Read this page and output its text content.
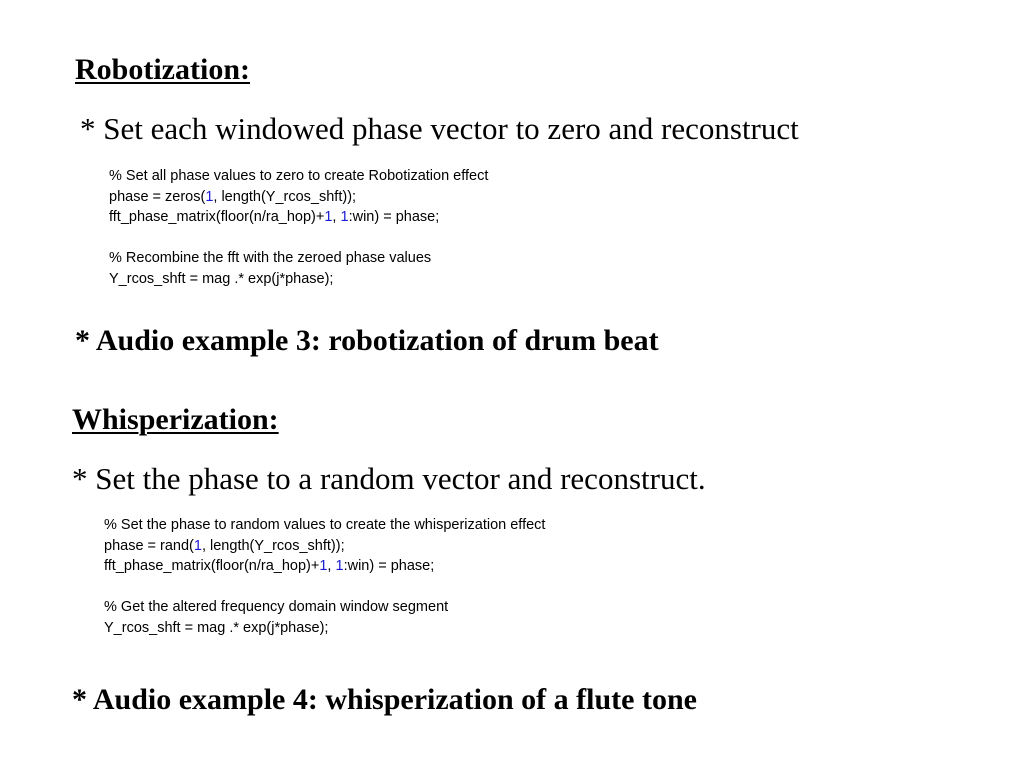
Robotization:

* Set each windowed phase vector to zero and reconstruct

% Set all phase values to zero to create Robotization effect
phase = zeros(1, length(Y_rcos_shft));
fft_phase_matrix(floor(n/ra_hop)+1, 1:win) = phase;
% Recombine the fft with the zeroed phase values
Y_rcos_shft = mag .* exp(j*phase);

* Audio example 3: robotization of drum beat

Whisperization:

* Set the phase to a random vector and reconstruct.

% Set the phase to random values to create the whisperization effect
phase = rand(1, length(Y_rcos_shft));
fft_phase_matrix(floor(n/ra_hop)+1, 1:win) = phase;
% Get the altered frequency domain window segment
Y_rcos_shft = mag .* exp(j*phase);

* Audio example 4: whisperization of a flute tone
